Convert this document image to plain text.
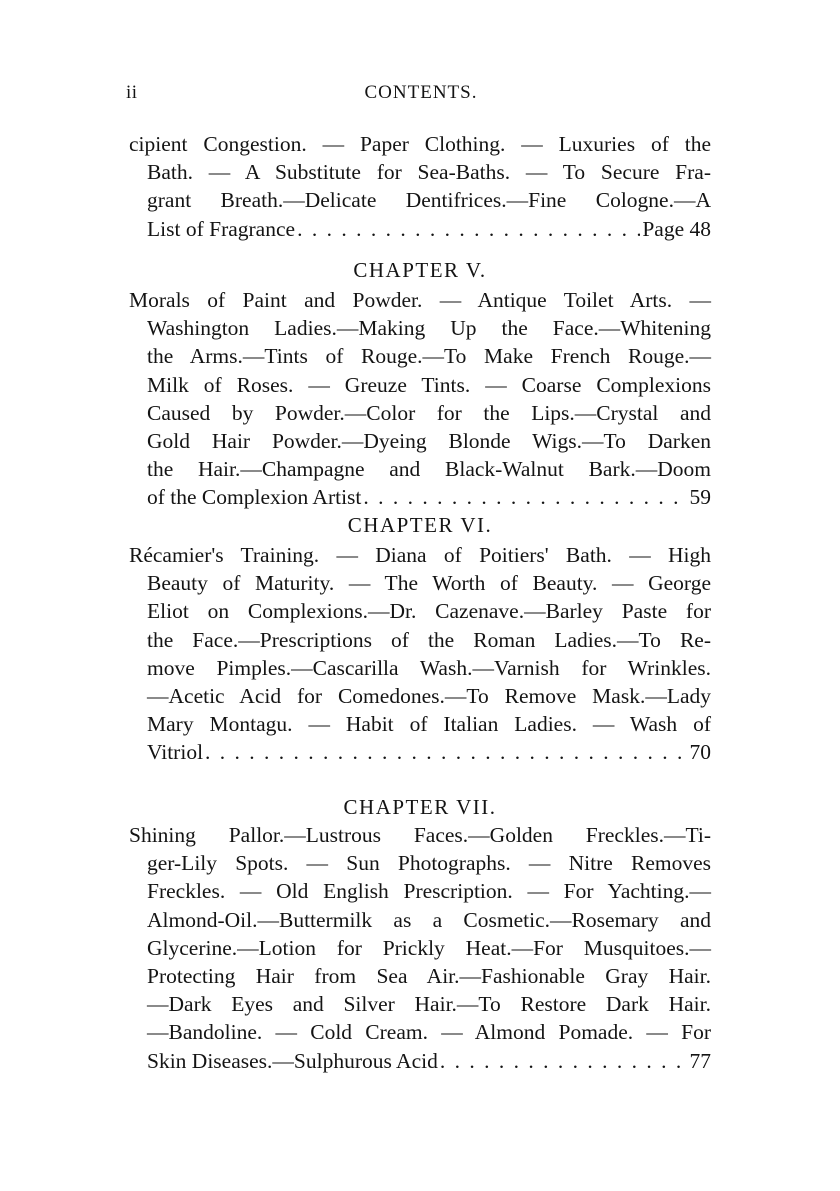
ii	CONTENTS.
cipient Congestion. — Paper Clothing. — Luxuries of the
Bath. — A Substitute for Sea-Baths. — To Secure Fra-
grant Breath.—Delicate Dentifrices.—Fine Cologne.—A
List of Fragrance . . .	Page 48
CHAPTER V.
Morals of Paint and Powder. — Antique Toilet Arts. —
Washington Ladies.—Making Up the Face.—Whitening
the Arms.—Tints of Rouge.—To Make French Rouge.—
Milk of Roses. — Greuze Tints. — Coarse Complexions
Caused by Powder.—Color for the Lips.—Crystal and
Gold Hair Powder.—Dyeing Blonde Wigs.—To Darken
the Hair.—Champagne and Black-Walnut Bark.—Doom
of the Complexion Artist . . .	59
CHAPTER VI.
Récamier's Training. — Diana of Poitiers' Bath. — High
Beauty of Maturity. — The Worth of Beauty. — George
Eliot on Complexions.—Dr. Cazenave.—Barley Paste for
the Face.—Prescriptions of the Roman Ladies.—To Re-
move Pimples.—Cascarilla Wash.—Varnish for Wrinkles.
—Acetic Acid for Comedones.—To Remove Mask.—Lady
Mary Montagu. — Habit of Italian Ladies. — Wash of
Vitriol . . .	70
CHAPTER VII.
Shining Pallor.—Lustrous Faces.—Golden Freckles.—Ti-
ger-Lily Spots. — Sun Photographs. — Nitre Removes
Freckles. — Old English Prescription. — For Yachting.—
Almond-Oil.—Buttermilk as a Cosmetic.—Rosemary and
Glycerine.—Lotion for Prickly Heat.—For Musquitoes.—
Protecting Hair from Sea Air.—Fashionable Gray Hair.
—Dark Eyes and Silver Hair.—To Restore Dark Hair.
—Bandoline. — Cold Cream. — Almond Pomade. — For
Skin Diseases.—Sulphurous Acid . . .	77
